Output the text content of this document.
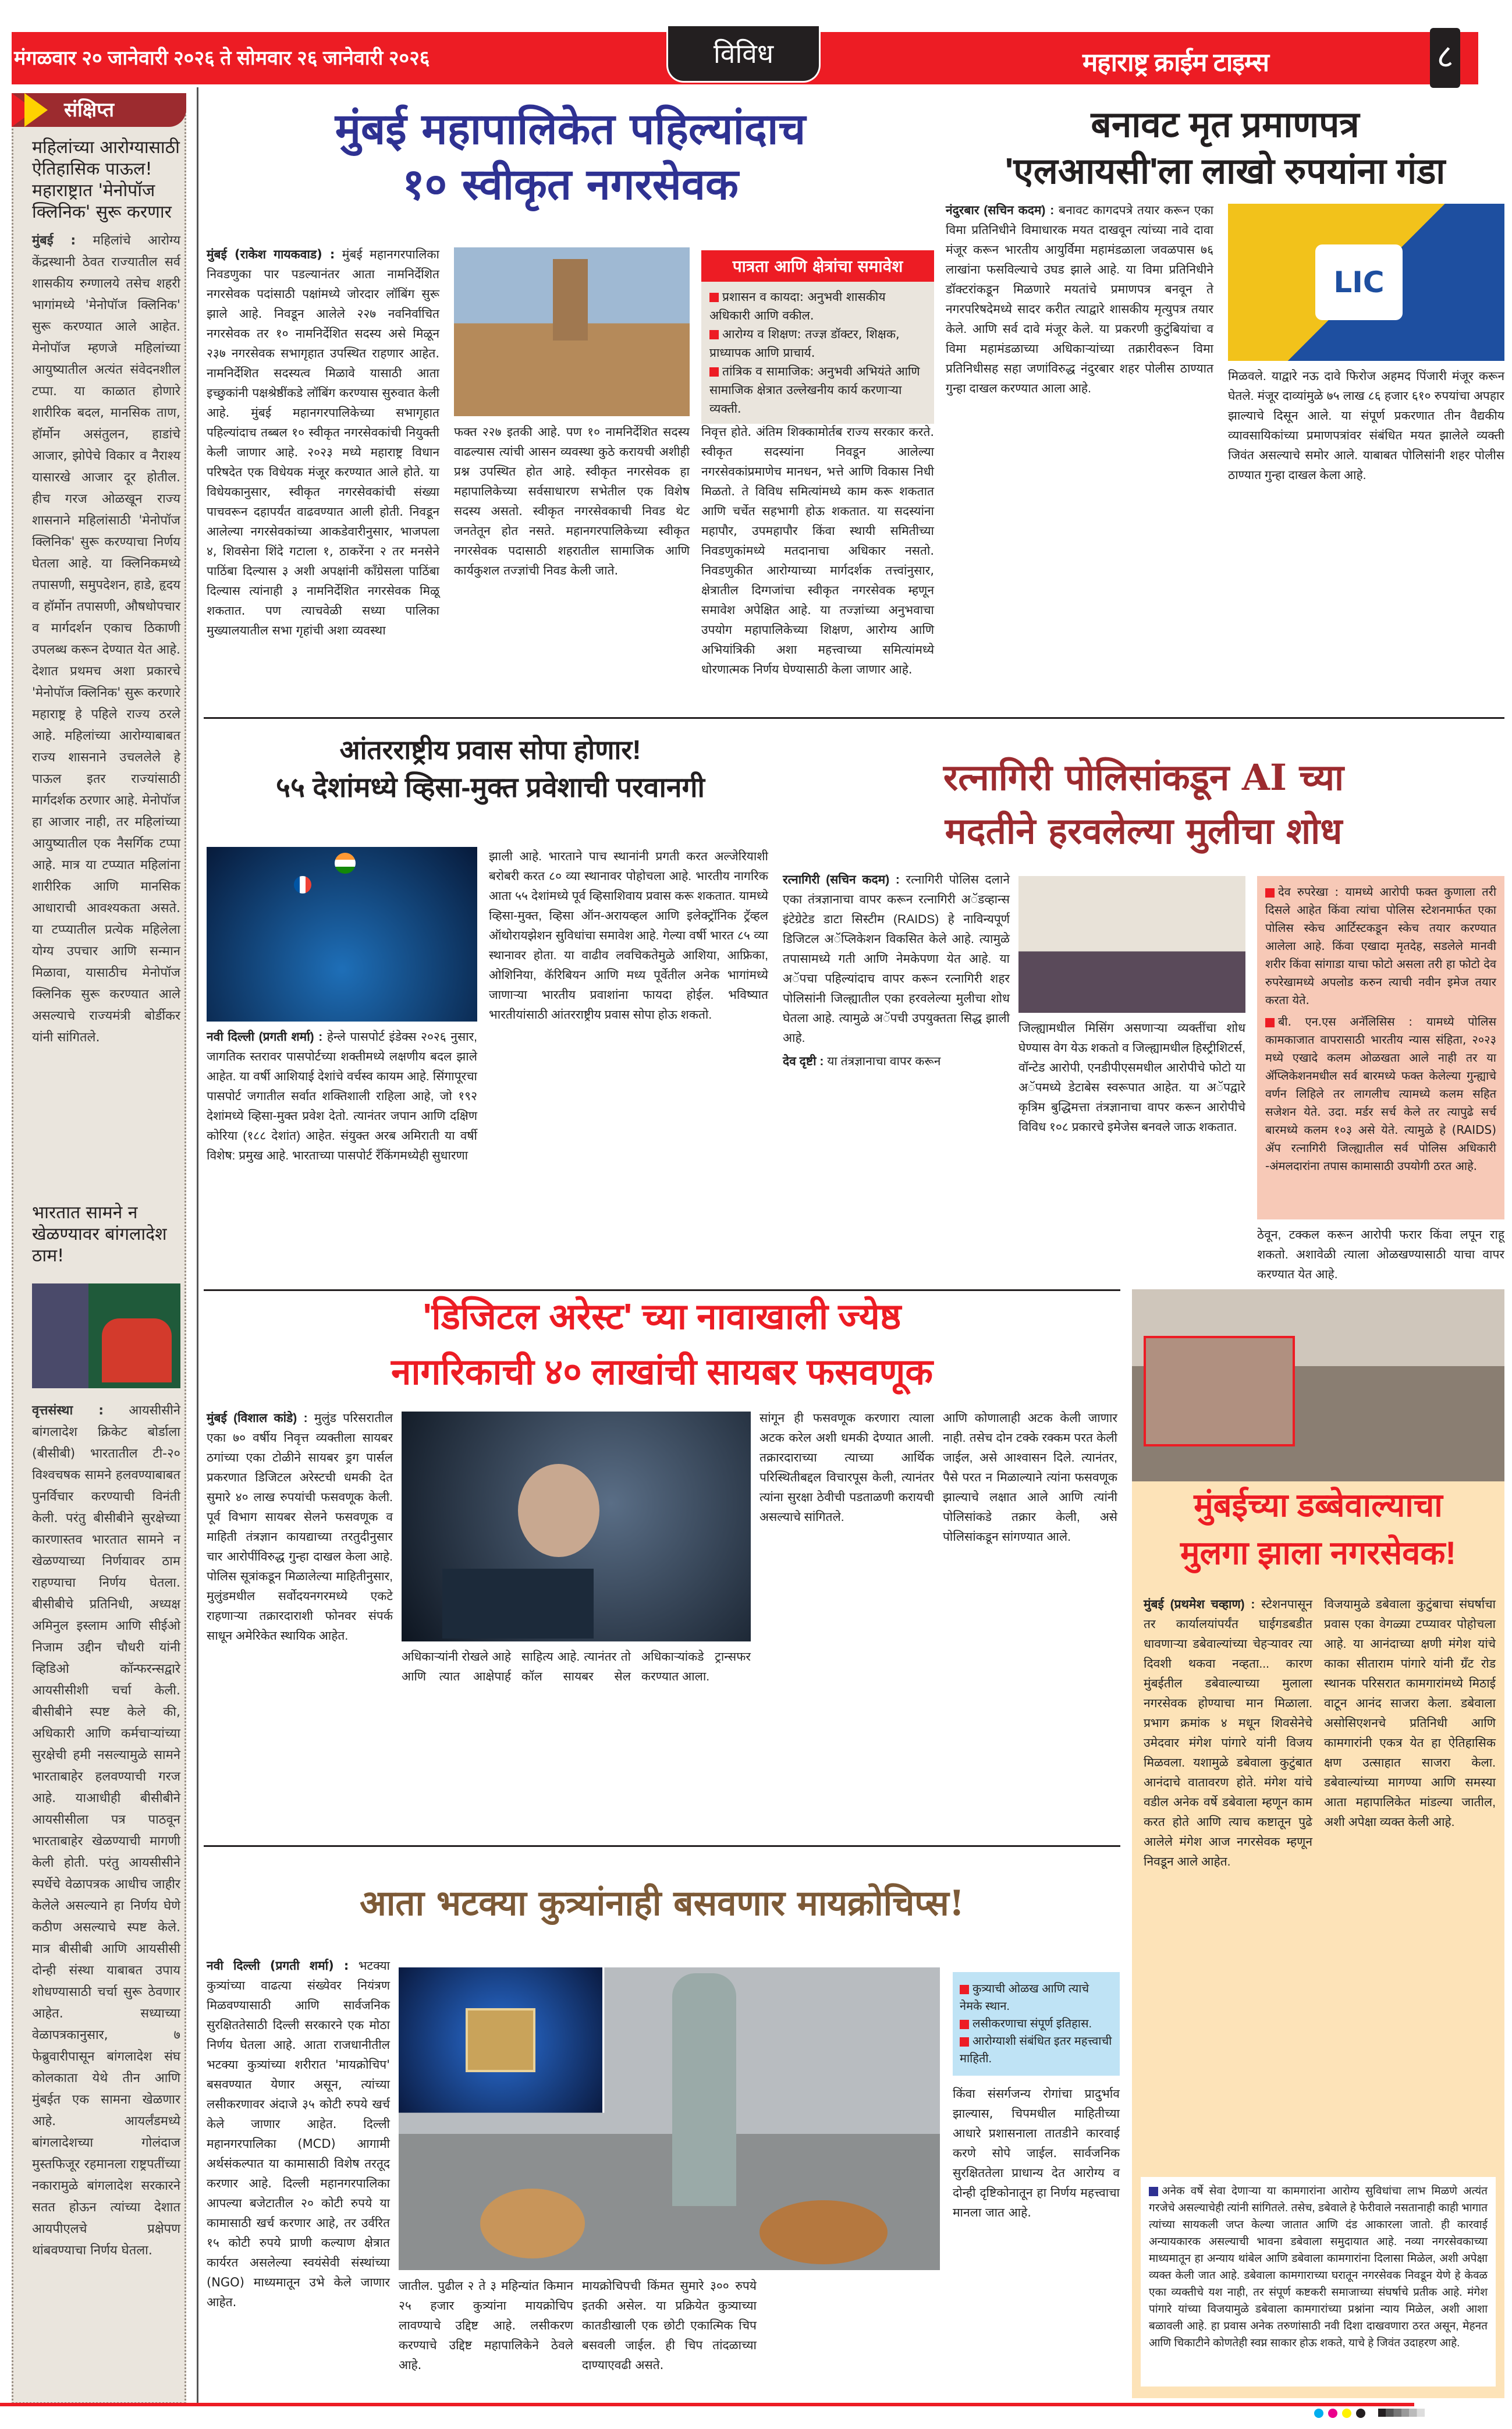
मंगळवार २० जानेवारी २०२६ ते सोमवार २६ जानेवारी २०२६	विविध	महाराष्ट्र क्राईम टाइम्स	८
संक्षिप्त
महिलांच्या आरोग्यासाठी ऐतिहासिक पाऊल! महाराष्ट्रात 'मेनोपॉज क्लिनिक' सुरू करणार
मुंबई : महिलांचे आरोग्य केंद्रस्थानी ठेवत राज्यातील सर्व शासकीय रुग्णालये तसेच शहरी भागांमध्ये 'मेनोपॉज क्लिनिक' सुरू करण्यात आले आहेत. मेनोपॉज म्हणजे महिलांच्या आयुष्यातील अत्यंत संवेदनशील टप्पा. या काळात होणारे शारीरिक बदल, मानसिक ताण, हॉर्मोन असंतुलन, हाडांचे आजार, झोपेचे विकार व नैराश्य यासारखे आजार दूर होतील. हीच गरज ओळखून राज्य शासनाने महिलांसाठी 'मेनोपॉज क्लिनिक' सुरू करण्याचा निर्णय घेतला आहे. या क्लिनिकमध्ये तपासणी, समुपदेशन, हाडे, हृदय व हॉर्मोन तपासणी, औषधोपचार व मार्गदर्शन एकाच ठिकाणी उपलब्ध करून देण्यात येत आहे. देशात प्रथमच अशा प्रकारचे 'मेनोपॉज क्लिनिक' सुरू करणारे महाराष्ट्र हे पहिले राज्य ठरले आहे. महिलांच्या आरोग्याबाबत राज्य शासनाने उचललेले हे पाऊल इतर राज्यांसाठी मार्गदर्शक ठरणार आहे. मेनोपॉज हा आजार नाही, तर महिलांच्या आयुष्यातील एक नैसर्गिक टप्पा आहे. मात्र या टप्प्यात महिलांना शारीरिक आणि मानसिक आधाराची आवश्यकता असते. या टप्प्यातील प्रत्येक महिलेला योग्य उपचार आणि सन्मान मिळावा, यासाठीच मेनोपॉज क्लिनिक सुरू करण्यात आले असल्याचे राज्यमंत्री बोर्डीकर यांनी सांगितले.
भारतात सामने न खेळण्यावर बांगलादेश ठाम!
वृत्तसंस्था : आयसीसीने बांगलादेश क्रिकेट बोर्डाला (बीसीबी) भारतातील टी-२० विश्वचषक सामने हलवण्याबाबत पुनर्विचार करण्याची विनंती केली. परंतु बीसीबीने सुरक्षेच्या कारणास्तव भारतात सामने न खेळण्याच्या निर्णयावर ठाम राहण्याचा निर्णय घेतला. बीसीबीचे प्रतिनिधी, अध्यक्ष अमिनुल इस्लाम आणि सीईओ निजाम उद्दीन चौधरी यांनी व्हिडिओ कॉन्फरन्सद्वारे आयसीसीशी चर्चा केली. बीसीबीने स्पष्ट केले की, अधिकारी आणि कर्मचाऱ्यांच्या सुरक्षेची हमी नसल्यामुळे सामने भारताबाहेर हलवण्याची गरज आहे. याआधीही बीसीबीने आयसीसीला पत्र पाठवून भारताबाहेर खेळण्याची मागणी केली होती. परंतु आयसीसीने स्पर्धेचे वेळापत्रक आधीच जाहीर केलेले असल्याने हा निर्णय घेणे कठीण असल्याचे स्पष्ट केले. मात्र बीसीबी आणि आयसीसी दोन्ही संस्था याबाबत उपाय शोधण्यासाठी चर्चा सुरू ठेवणार आहेत. सध्याच्या वेळापत्रकानुसार, ७ फेब्रुवारीपासून बांगलादेश संघ कोलकाता येथे तीन आणि मुंबईत एक सामना खेळणार आहे. आयर्लंडमध्ये बांगलादेशच्या गोलंदाज मुस्तफिजूर रहमानला राष्ट्रपतींच्या नकारामुळे बांगलादेश सरकारने सतत होऊन त्यांच्या देशात आयपीएलचे प्रक्षेपण थांबवण्याचा निर्णय घेतला.
मुंबई महापालिकेत पहिल्यांदाच
१० स्वीकृत नगरसेवक
मुंबई (राकेश गायकवाड) : मुंबई महानगरपालिका निवडणुका पार पडल्यानंतर आता नामनिर्देशित नगरसेवक पदांसाठी पक्षांमध्ये जोरदार लॉबिंग सुरू झाले आहे. निवडून आलेले २२७ नवनिर्वाचित नगरसेवक तर १० नामनिर्देशित सदस्य असे मिळून २३७ नगरसेवक सभागृहात उपस्थित राहणार आहेत. नामनिर्देशित सदस्यत्व मिळावे यासाठी आता इच्छुकांनी पक्षश्रेष्ठींकडे लॉबिंग करण्यास सुरुवात केली आहे. मुंबई महानगरपालिकेच्या सभागृहात पहिल्यांदाच तब्बल १० स्वीकृत नगरसेवकांची नियुक्ती केली जाणार आहे. २०२३ मध्ये महाराष्ट्र विधान परिषदेत एक विधेयक मंजूर करण्यात आले होते. या विधेयकानुसार, स्वीकृत नगरसेवकांची संख्या पाचवरून दहापर्यंत वाढवण्यात आली होती. निवडून आलेल्या नगरसेवकांच्या आकडेवारीनुसार, भाजपला ४, शिवसेना शिंदे गटाला १, ठाकरेंना २ तर मनसेने पाठिंबा दिल्यास ३ अशी अपक्षांनी काँग्रेसला पाठिंबा दिल्यास त्यांनाही ३ नामनिर्देशित नगरसेवक मिळू शकतात. पण त्याचवेळी सध्या पालिका मुख्यालयातील सभा गृहांची अशा व्यवस्था
फक्त २२७ इतकी आहे. पण १० नामनिर्देशित सदस्य वाढल्यास त्यांची आसन व्यवस्था कुठे करायची अशीही प्रश्न उपस्थित होत आहे. स्वीकृत नगरसेवक हा महापालिकेच्या सर्वसाधारण सभेतील एक विशेष सदस्य असतो. स्वीकृत नगरसेवकाची निवड थेट जनतेतून होत नसते. महानगरपालिकेच्या स्वीकृत नगरसेवक पदासाठी शहरातील सामाजिक आणि कार्यकुशल तज्ज्ञांची निवड केली जाते.
पात्रता आणि क्षेत्रांचा समावेश
प्रशासन व कायदा: अनुभवी शासकीय अधिकारी आणि वकील.
आरोग्य व शिक्षण: तज्ज्ञ डॉक्टर, शिक्षक, प्राध्यापक आणि प्राचार्य.
तांत्रिक व सामाजिक: अनुभवी अभियंते आणि सामाजिक क्षेत्रात उल्लेखनीय कार्य करणाऱ्या व्यक्ती.
निवृत्त होते. अंतिम शिक्कामोर्तब राज्य सरकार करते. स्वीकृत सदस्यांना निवडून आलेल्या नगरसेवकांप्रमाणेच मानधन, भत्ते आणि विकास निधी मिळतो. ते विविध समित्यांमध्ये काम करू शकतात आणि चर्चेत सहभागी होऊ शकतात. या सदस्यांना महापौर, उपमहापौर किंवा स्थायी समितीच्या निवडणुकांमध्ये मतदानाचा अधिकार नसतो. निवडणुकीत आरोग्याच्या मार्गदर्शक तत्त्वांनुसार, क्षेत्रातील दिग्गजांचा स्वीकृत नगरसेवक म्हणून समावेश अपेक्षित आहे. या तज्ज्ञांच्या अनुभवाचा उपयोग महापालिकेच्या शिक्षण, आरोग्य आणि अभियांत्रिकी अशा महत्त्वाच्या समित्यांमध्ये धोरणात्मक निर्णय घेण्यासाठी केला जाणार आहे.
बनावट मृत प्रमाणपत्र
'एलआयसी'ला लाखो रुपयांना गंडा
नंदुरबार (सचिन कदम) : बनावट कागदपत्रे तयार करून एका विमा प्रतिनिधीने विमाधारक मयत दाखवून त्यांच्या नावे दावा मंजूर करून भारतीय आयुर्विमा महामंडळाला जवळपास ७६ लाखांना फसविल्याचे उघड झाले आहे. या विमा प्रतिनिधीने डॉक्टरांकडून मिळणारे मयतांचे प्रमाणपत्र बनवून ते नगरपरिषदेमध्ये सादर करीत त्याद्वारे शासकीय मृत्युपत्र तयार केले. आणि सर्व दावे मंजूर केले. या प्रकरणी कुटुंबियांचा व विमा महामंडळाच्या अधिकाऱ्यांच्या तक्रारीवरून विमा प्रतिनिधीसह सहा जणांविरुद्ध नंदुरबार शहर पोलीस ठाण्यात गुन्हा दाखल करण्यात आला आहे.
LIC
मिळवले. याद्वारे नऊ दावे फिरोज अहमद पिंजारी मंजूर करून घेतले. मंजूर दाव्यांमुळे ७५ लाख ८६ हजार ६१० रुपयांचा अपहार झाल्याचे दिसून आले. या संपूर्ण प्रकरणात तीन वैद्यकीय व्यावसायिकांच्या प्रमाणपत्रांवर संबंधित मयत झालेले व्यक्ती जिवंत असल्याचे समोर आले. याबाबत पोलिसांनी शहर पोलीस ठाण्यात गुन्हा दाखल केला आहे.
आंतरराष्ट्रीय प्रवास सोपा होणार!
५५ देशांमध्ये व्हिसा-मुक्त प्रवेशाची परवानगी
नवी दिल्ली (प्रगती शर्मा) : हेन्ले पासपोर्ट इंडेक्स २०२६ नुसार, जागतिक स्तरावर पासपोर्टच्या शक्तीमध्ये लक्षणीय बदल झाले आहेत. या वर्षी आशियाई देशांचे वर्चस्व कायम आहे. सिंगापूरचा पासपोर्ट जगातील सर्वात शक्तिशाली राहिला आहे, जो १९२ देशांमध्ये व्हिसा-मुक्त प्रवेश देतो. त्यानंतर जपान आणि दक्षिण कोरिया (१८८ देशांत) आहेत. संयुक्त अरब अमिराती या वर्षी विशेष: प्रमुख आहे. भारताच्या पासपोर्ट रँकिंगमध्येही सुधारणा
झाली आहे. भारताने पाच स्थानांनी प्रगती करत अल्जेरियाशी बरोबरी करत ८० व्या स्थानावर पोहोचला आहे. भारतीय नागरिक आता ५५ देशांमध्ये पूर्व व्हिसाशिवाय प्रवास करू शकतात. यामध्ये व्हिसा-मुक्त, व्हिसा ऑन-अरायव्हल आणि इलेक्ट्रॉनिक ट्रॅव्हल ऑथोरायझेशन सुविधांचा समावेश आहे. गेल्या वर्षी भारत ८५ व्या स्थानावर होता. या वाढीव लवचिकतेमुळे आशिया, आफ्रिका, ओशिनिया, कॅरिबियन आणि मध्य पूर्वेतील अनेक भागांमध्ये जाणाऱ्या भारतीय प्रवाशांना फायदा होईल. भविष्यात भारतीयांसाठी आंतरराष्ट्रीय प्रवास सोपा होऊ शकतो.
रत्नागिरी पोलिसांकडून AI च्या
मदतीने हरवलेल्या मुलीचा शोध
रत्नागिरी (सचिन कदम) : रत्नागिरी पोलिस दलाने एका तंत्रज्ञानाचा वापर करून रत्नागिरी अॅडव्हान्स इंटेग्रेटेड डाटा सिस्टीम (RAIDS) हे नाविन्यपूर्ण डिजिटल अॅप्लिकेशन विकसित केले आहे. त्यामुळे तपासामध्ये गती आणि नेमकेपणा येत आहे. या अॅपचा पहिल्यांदाच वापर करून रत्नागिरी शहर पोलिसांनी जिल्ह्यातील एका हरवलेल्या मुलीचा शोध घेतला आहे. त्यामुळे अॅपची उपयुक्तता सिद्ध झाली आहे.
देव दृष्टी : या तंत्रज्ञानाचा वापर करून
जिल्ह्यामधील मिसिंग असणाऱ्या व्यक्तींचा शोध घेण्यास वेग येऊ शकतो व जिल्ह्यामधील हिस्ट्रीशिटर्स, वॉन्टेड आरोपी, एनडीपीएसमधील आरोपीचे फोटो या अॅपमध्ये डेटाबेस स्वरूपात आहेत. या अॅपद्वारे कृत्रिम बुद्धिमत्ता तंत्रज्ञानाचा वापर करून आरोपीचे विविध १०८ प्रकारचे इमेजेस बनवले जाऊ शकतात.
देव रुपरेखा : यामध्ये आरोपी फक्त कुणाला तरी दिसले आहेत किंवा त्यांचा पोलिस स्टेशनमार्फत एका पोलिस स्केच आर्टिस्टकडून स्केच तयार करण्यात आलेला आहे. किंवा एखादा मृतदेह, सडलेले मानवी शरीर किंवा सांगाडा याचा फोटो असला तरी हा फोटो देव रुपरेखामध्ये अपलोड करुन त्याची नवीन इमेज तयार करता येते.
बी. एन.एस अनॅलिसिस : यामध्ये पोलिस कामकाजात वापरासाठी भारतीय न्यास संहिता, २०२३ मध्ये एखादे कलम ओळखता आले नाही तर या ॲप्लिकेशनमधील सर्व बारमध्ये फक्त केलेल्या गुन्ह्याचे वर्णन लिहिले तर लागलीच त्यामध्ये कलम सहित सजेशन येते. उदा. मर्डर सर्च केले तर त्यापुढे सर्च बारमध्ये कलम १०३ असे येते. त्यामुळे हे (RAIDS) ॲप रत्नागिरी जिल्ह्यातील सर्व पोलिस अधिकारी -अंमलदारांना तपास कामासाठी उपयोगी ठरत आहे.
ठेवून, टक्कल करून आरोपी फरार किंवा लपून राहू शकतो. अशावेळी त्याला ओळखण्यासाठी याचा वापर करण्यात येत आहे.
'डिजिटल अरेस्ट' च्या नावाखाली ज्येष्ठ
नागरिकाची ४० लाखांची सायबर फसवणूक
मुंबई (विशाल कांडे) : मुलुंड परिसरातील एका ७० वर्षीय निवृत्त व्यक्तीला सायबर ठगांच्या एका टोळीने सायबर ड्रग पार्सल प्रकरणात डिजिटल अरेस्टची धमकी देत सुमारे ४० लाख रुपयांची फसवणूक केली. पूर्व विभाग सायबर सेलने फसवणूक व माहिती तंत्रज्ञान कायद्याच्या तरतुदीनुसार चार आरोपींविरुद्ध गुन्हा दाखल केला आहे. पोलिस सूत्रांकडून मिळालेल्या माहितीनुसार, मुलुंडमधील सर्वोदयनगरमध्ये एकटे राहणाऱ्या तक्रारदाराशी फोनवर संपर्क साधून अमेरिकेत स्थायिक आहेत.
अधिकाऱ्यांनी रोखले आहे आणि त्यात आक्षेपार्ह साहित्य आहे. त्यानंतर तो कॉल सायबर सेल अधिकाऱ्यांकडे ट्रान्सफर करण्यात आला.
सांगून ही फसवणूक करणारा त्याला अटक करेल अशी धमकी देण्यात आली. तक्रारदाराच्या त्याच्या आर्थिक परिस्थितीबद्दल विचारपूस केली, त्यानंतर त्यांना सुरक्षा ठेवीची पडताळणी करायची असल्याचे सांगितले.
आणि कोणालाही अटक केली जाणार नाही. तसेच दोन टक्के रक्कम परत केली जाईल, असे आश्वासन दिले. त्यानंतर, पैसे परत न मिळाल्याने त्यांना फसवणूक झाल्याचे लक्षात आले आणि त्यांनी पोलिसांकडे तक्रार केली, असे पोलिसांकडून सांगण्यात आले.
मुंबईच्या डब्बेवाल्याचा
मुलगा झाला नगरसेवक!
मुंबई (प्रथमेश चव्हाण) : स्टेशनपासून तर कार्यालयांपर्यंत घाईगडबडीत धावणाऱ्या डबेवाल्यांच्या चेहऱ्यावर त्या दिवशी थकवा नव्हता... कारण मुंबईतील डबेवाल्याच्या मुलाला नगरसेवक होण्याचा मान मिळाला. प्रभाग क्रमांक ४ मधून शिवसेनेचे उमेदवार मंगेश पांगारे यांनी विजय मिळवला. यशामुळे डबेवाला कुटुंबात आनंदाचे वातावरण होते. मंगेश यांचे वडील अनेक वर्षे डबेवाला म्हणून काम करत होते आणि त्याच कष्टातून पुढे आलेले मंगेश आज नगरसेवक म्हणून निवडून आले आहेत.
विजयामुळे डबेवाला कुटुंबाचा संघर्षाचा प्रवास एका वेगळ्या टप्प्यावर पोहोचला आहे. या आनंदाच्या क्षणी मंगेश यांचे काका सीताराम पांगारे यांनी ग्रँट रोड स्थानक परिसरात कामगारांमध्ये मिठाई वाटून आनंद साजरा केला. डबेवाला असोसिएशनचे प्रतिनिधी आणि कामगारांनी एकत्र येत हा ऐतिहासिक क्षण उत्साहात साजरा केला. डबेवाल्यांच्या मागण्या आणि समस्या आता महापालिकेत मांडल्या जातील, अशी अपेक्षा व्यक्त केली आहे.
अनेक वर्षे सेवा देणाऱ्या या कामगारांना आरोग्य सुविधांचा लाभ मिळणे अत्यंत गरजेचे असल्याचेही त्यांनी सांगितले. तसेच, डबेवाले हे फेरीवाले नसतानाही काही भागात त्यांच्या सायकली जप्त केल्या जातात आणि दंड आकारला जातो. ही कारवाई अन्यायकारक असल्याची भावना डबेवाला समुदायात आहे. नव्या नगरसेवकाच्या माध्यमातून हा अन्याय थांबेल आणि डबेवाला कामगारांना दिलासा मिळेल, अशी अपेक्षा व्यक्त केली जात आहे. डबेवाला कामगाराच्या घरातून नगरसेवक निवडून येणे हे केवळ एका व्यक्तीचे यश नाही, तर संपूर्ण कष्टकरी समाजाच्या संघर्षाचे प्रतीक आहे. मंगेश पांगारे यांच्या विजयामुळे डबेवाला कामगारांच्या प्रश्नांना न्याय मिळेल, अशी आशा बळावली आहे. हा प्रवास अनेक तरुणांसाठी नवी दिशा दाखवणारा ठरत असून, मेहनत आणि चिकाटीने कोणतेही स्वप्न साकार होऊ शकते, याचे हे जिवंत उदाहरण आहे.
आता भटक्या कुत्र्यांनाही बसवणार मायक्रोचिप्स!
नवी दिल्ली (प्रगती शर्मा) : भटक्या कुत्र्यांच्या वाढत्या संख्येवर नियंत्रण मिळवण्यासाठी आणि सार्वजनिक सुरक्षिततेसाठी दिल्ली सरकारने एक मोठा निर्णय घेतला आहे. आता राजधानीतील भटक्या कुत्र्यांच्या शरीरात 'मायक्रोचिप' बसवण्यात येणार असून, त्यांच्या लसीकरणावर अंदाजे ३५ कोटी रुपये खर्च केले जाणार आहेत. दिल्ली महानगरपालिका (MCD) आगामी अर्थसंकल्पात या कामासाठी विशेष तरतूद करणार आहे. दिल्ली महानगरपालिका आपल्या बजेटातील २० कोटी रुपये या कामासाठी खर्च करणार आहे, तर उर्वरित १५ कोटी रुपये प्राणी कल्याण क्षेत्रात कार्यरत असलेल्या स्वयंसेवी संस्थांच्या (NGO) माध्यमातून उभे केले जाणार आहेत.
जातील. पुढील २ ते ३ महिन्यांत किमान २५ हजार कुत्र्यांना मायक्रोचिप लावण्याचे उद्दिष्ट आहे. लसीकरण करण्याचे उद्दिष्ट महापालिकेने ठेवले आहे.
मायक्रोचिपची किंमत सुमारे ३०० रुपये इतकी असेल. या प्रक्रियेत कुत्र्याच्या कातडीखाली एक छोटी एकात्मिक चिप बसवली जाईल. ही चिप तांदळाच्या दाण्याएवढी असते.
कुत्र्याची ओळख आणि त्याचे नेमके स्थान.
लसीकरणाचा संपूर्ण इतिहास.
आरोग्याशी संबंधित इतर महत्त्वाची माहिती.
किंवा संसर्गजन्य रोगांचा प्रादुर्भाव झाल्यास, चिपमधील माहितीच्या आधारे प्रशासनाला तातडीने कारवाई करणे सोपे जाईल. सार्वजनिक सुरक्षिततेला प्राधान्य देत आरोग्य व दोन्ही दृष्टिकोनातून हा निर्णय महत्त्वाचा मानला जात आहे.
